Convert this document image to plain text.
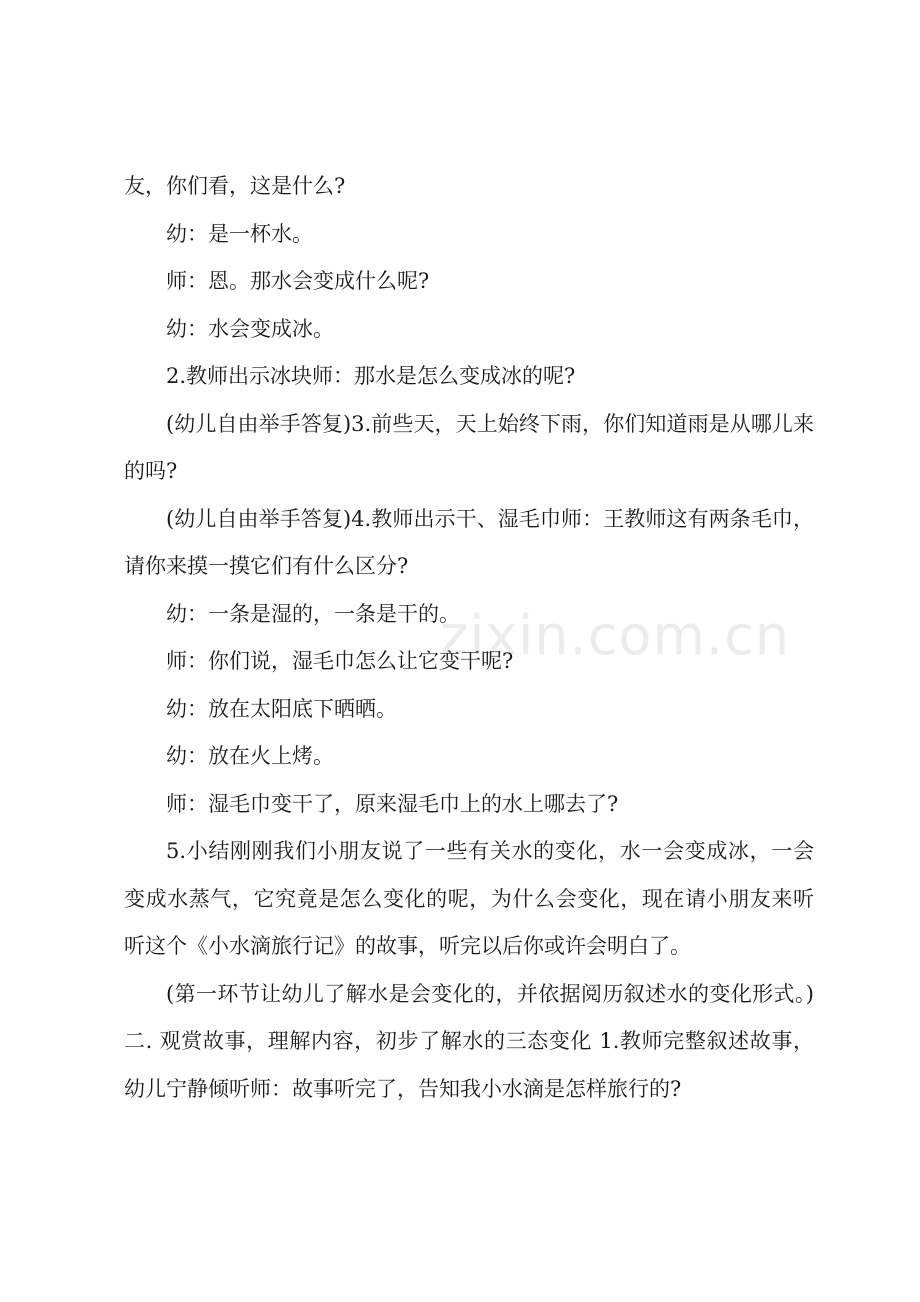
友，你们看，这是什么?

幼：是一杯水。

师：恩。那水会变成什么呢?

幼：水会变成冰。

2.教师出示冰块师：那水是怎么变成冰的呢?

(幼儿自由举手答复)3.前些天，天上始终下雨，你们知道雨是从哪儿来的吗?

(幼儿自由举手答复)4.教师出示干、湿毛巾师：王教师这有两条毛巾，请你来摸一摸它们有什么区分?

幼：一条是湿的，一条是干的。

师：你们说，湿毛巾怎么让它变干呢?

幼：放在太阳底下晒晒。

幼：放在火上烤。

师：湿毛巾变干了，原来湿毛巾上的水上哪去了?

5.小结刚刚我们小朋友说了一些有关水的变化，水一会变成冰，一会变成水蒸气，它究竟是怎么变化的呢，为什么会变化，现在请小朋友来听听这个《小水滴旅行记》的故事，听完以后你或许会明白了。

(第一环节让幼儿了解水是会变化的，并依据阅历叙述水的变化形式。)二. 观赏故事，理解内容，初步了解水的三态变化 1.教师完整叙述故事，幼儿宁静倾听师：故事听完了，告知我小水滴是怎样旅行的?

zixin.com.cn
